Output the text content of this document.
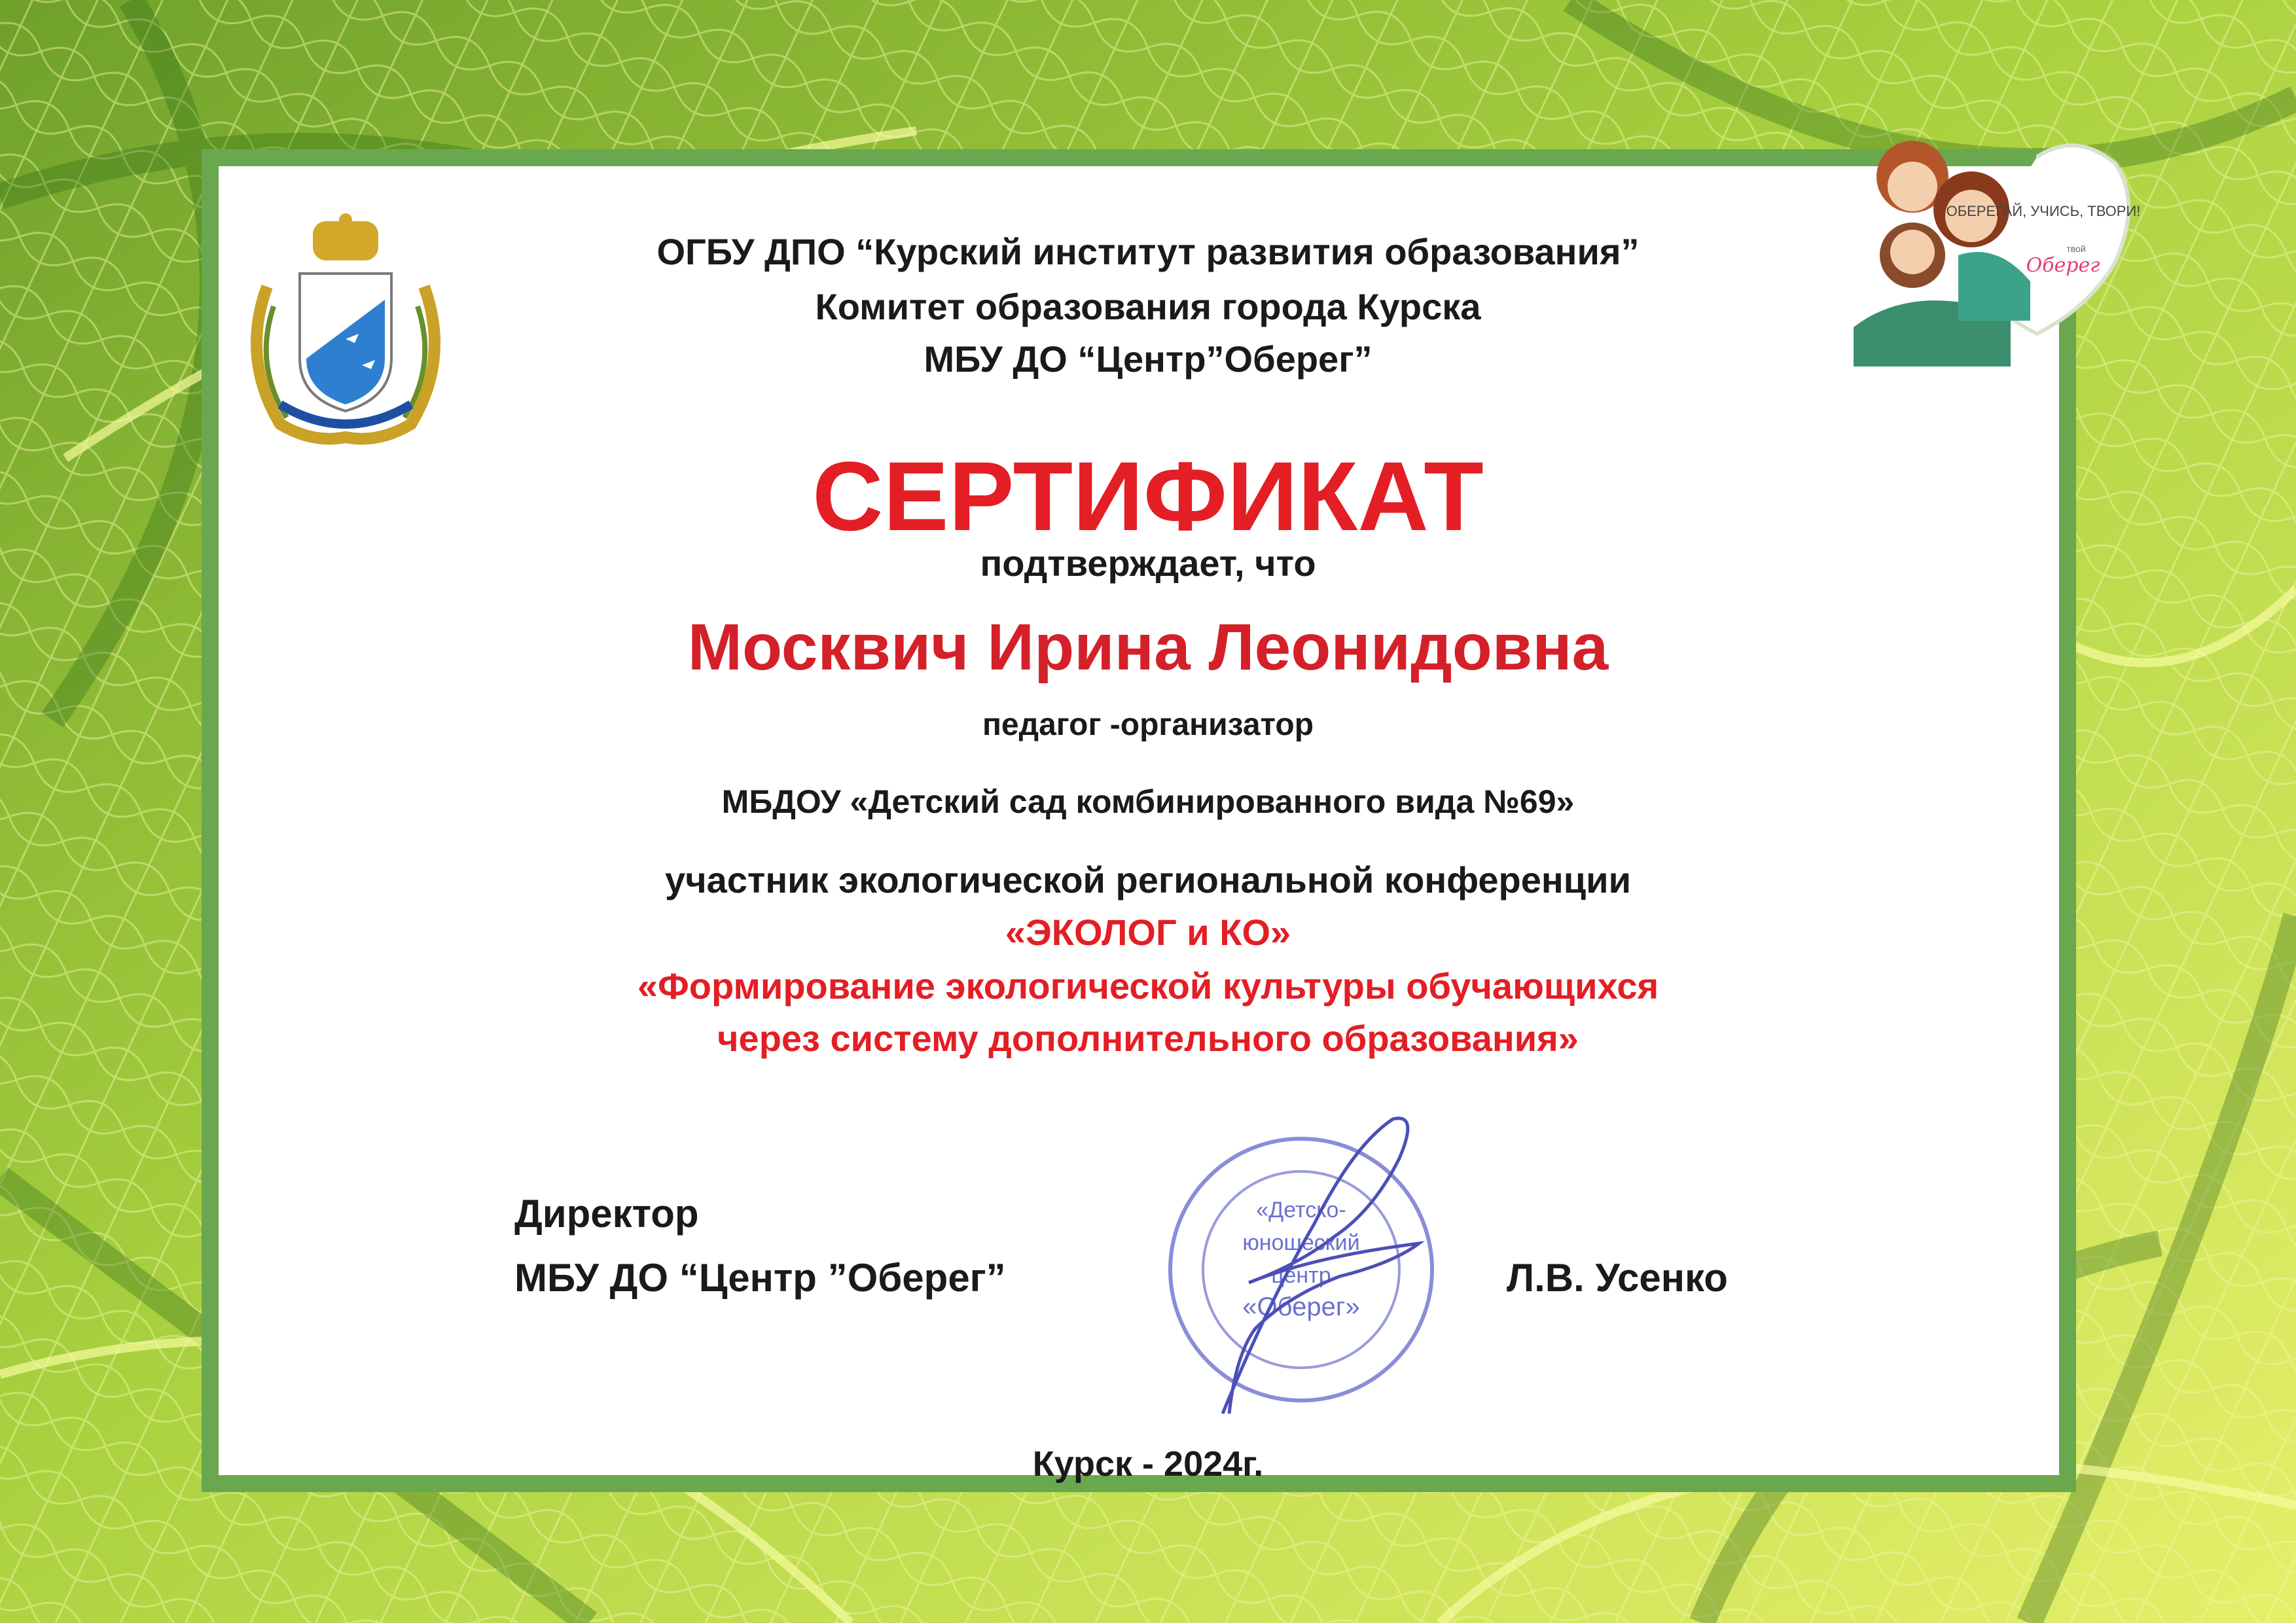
ОБЕРЕГАЙ, УЧИСЬ, ТВОРИ!
твой
Оберег

ОГБУ ДПО “Курский институт развития образования”

Комитет образования города Курска

МБУ ДО “Центр”Оберег”

СЕРТИФИКАТ

подтверждает, что

Москвич Ирина Леонидовна

педагог -организатор

МБДОУ «Детский сад комбинированного вида №69»

участник экологической региональной конференции

«ЭКОЛОГ и КО»

«Формирование экологической культуры обучающихся

через систему дополнительного образования»

Директор

МБУ ДО “Центр ”Оберег”	Л.В. Усенко

«Детско-
юношеский
центр
«Оберег»

Курск - 2024г.
